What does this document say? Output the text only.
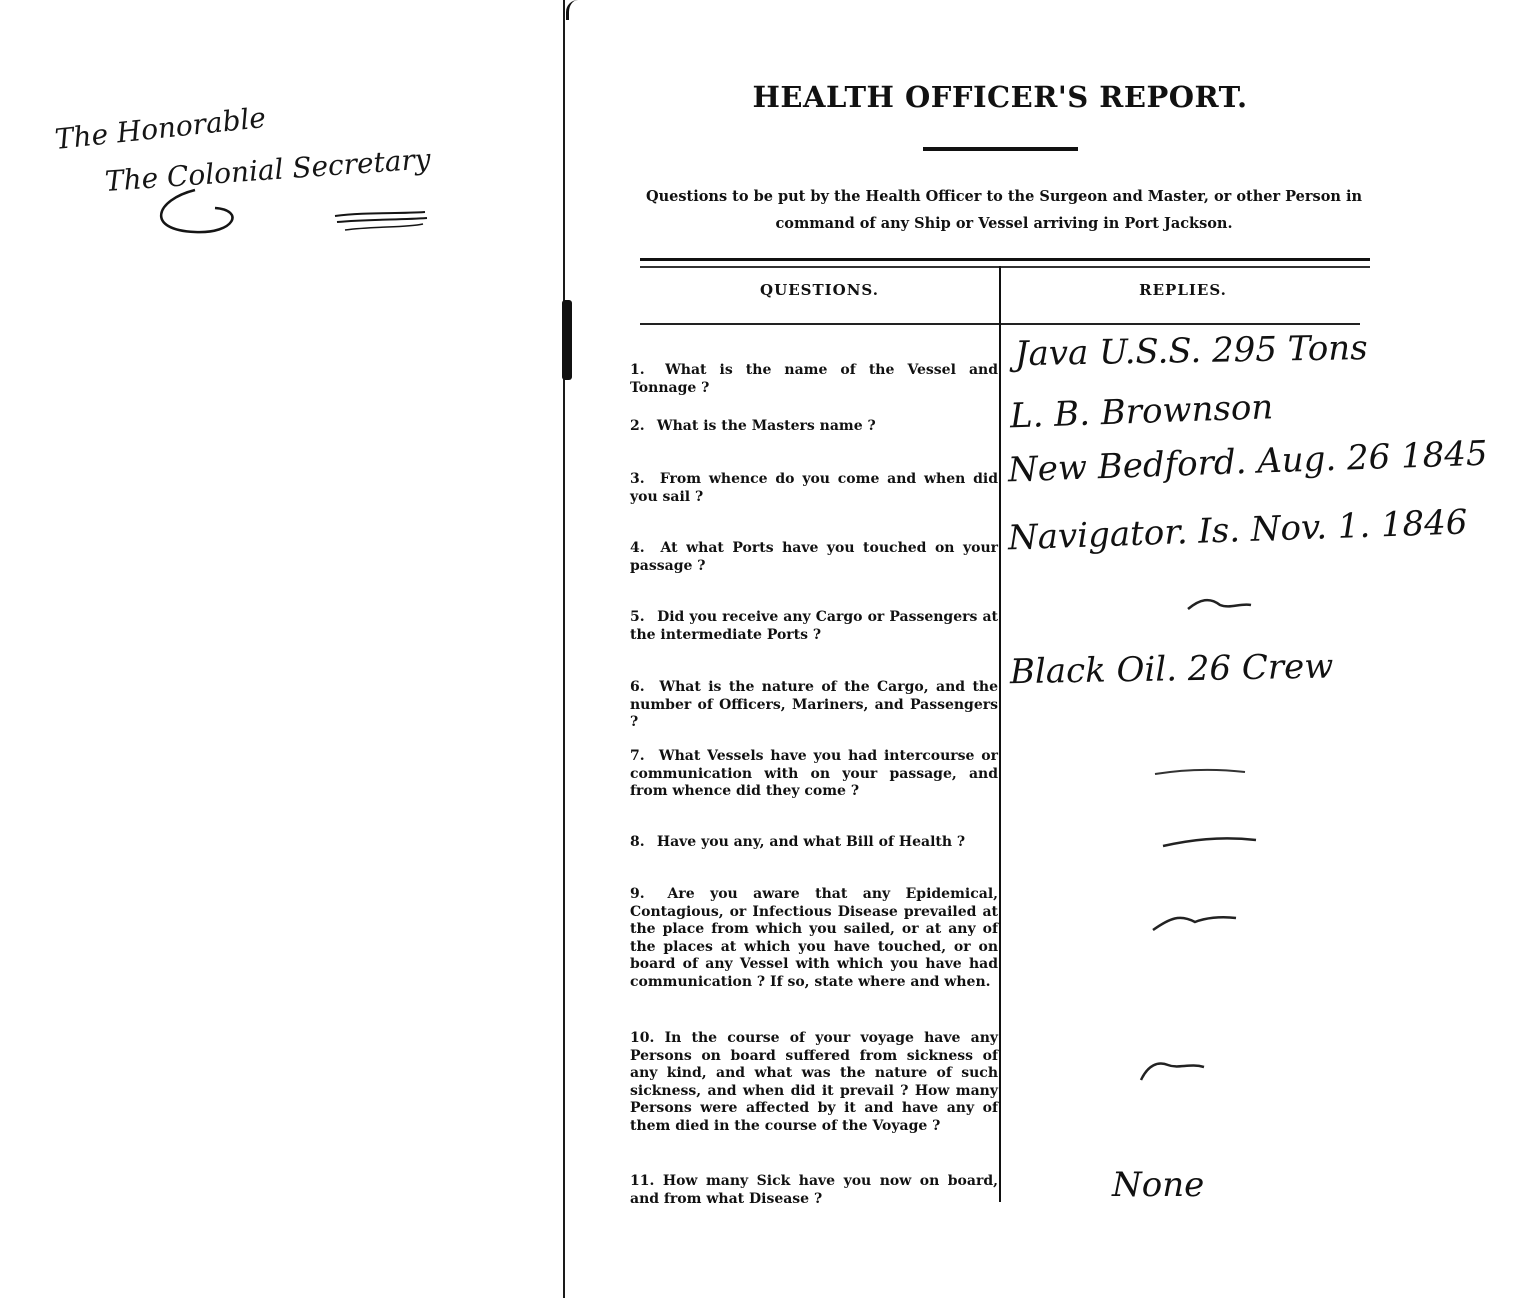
The Honorable
The Colonial Secretary
HEALTH OFFICER'S REPORT.
Questions to be put by the Health Officer to the Surgeon and Master, or other Person in command of any Ship or Vessel arriving in Port Jackson.
QUESTIONS.	REPLIES.
1. What is the name of the Vessel and Tonnage ?
2. What is the Masters name ?
3. From whence do you come and when did you sail ?
4. At what Ports have you touched on your passage ?
5. Did you receive any Cargo or Passengers at the intermediate Ports ?
6. What is the nature of the Cargo, and the number of Officers, Mariners, and Passengers ?
7. What Vessels have you had intercourse or communication with on your passage, and from whence did they come ?
8. Have you any, and what Bill of Health ?
9. Are you aware that any Epidemical, Contagious, or Infectious Disease prevailed at the place from which you sailed, or at any of the places at which you have touched, or on board of any Vessel with which you have had communication ? If so, state where and when.
10. In the course of your voyage have any Persons on board suffered from sickness of any kind, and what was the nature of such sickness, and when did it prevail ? How many Persons were affected by it and have any of them died in the course of the Voyage ?
11. How many Sick have you now on board, and from what Disease ?
Java U.S.S. 295 Tons
L. B. Brownson
New Bedford. Aug. 26 1845
Navigator. Is. Nov. 1. 1846
Black Oil. 26 Crew
None
